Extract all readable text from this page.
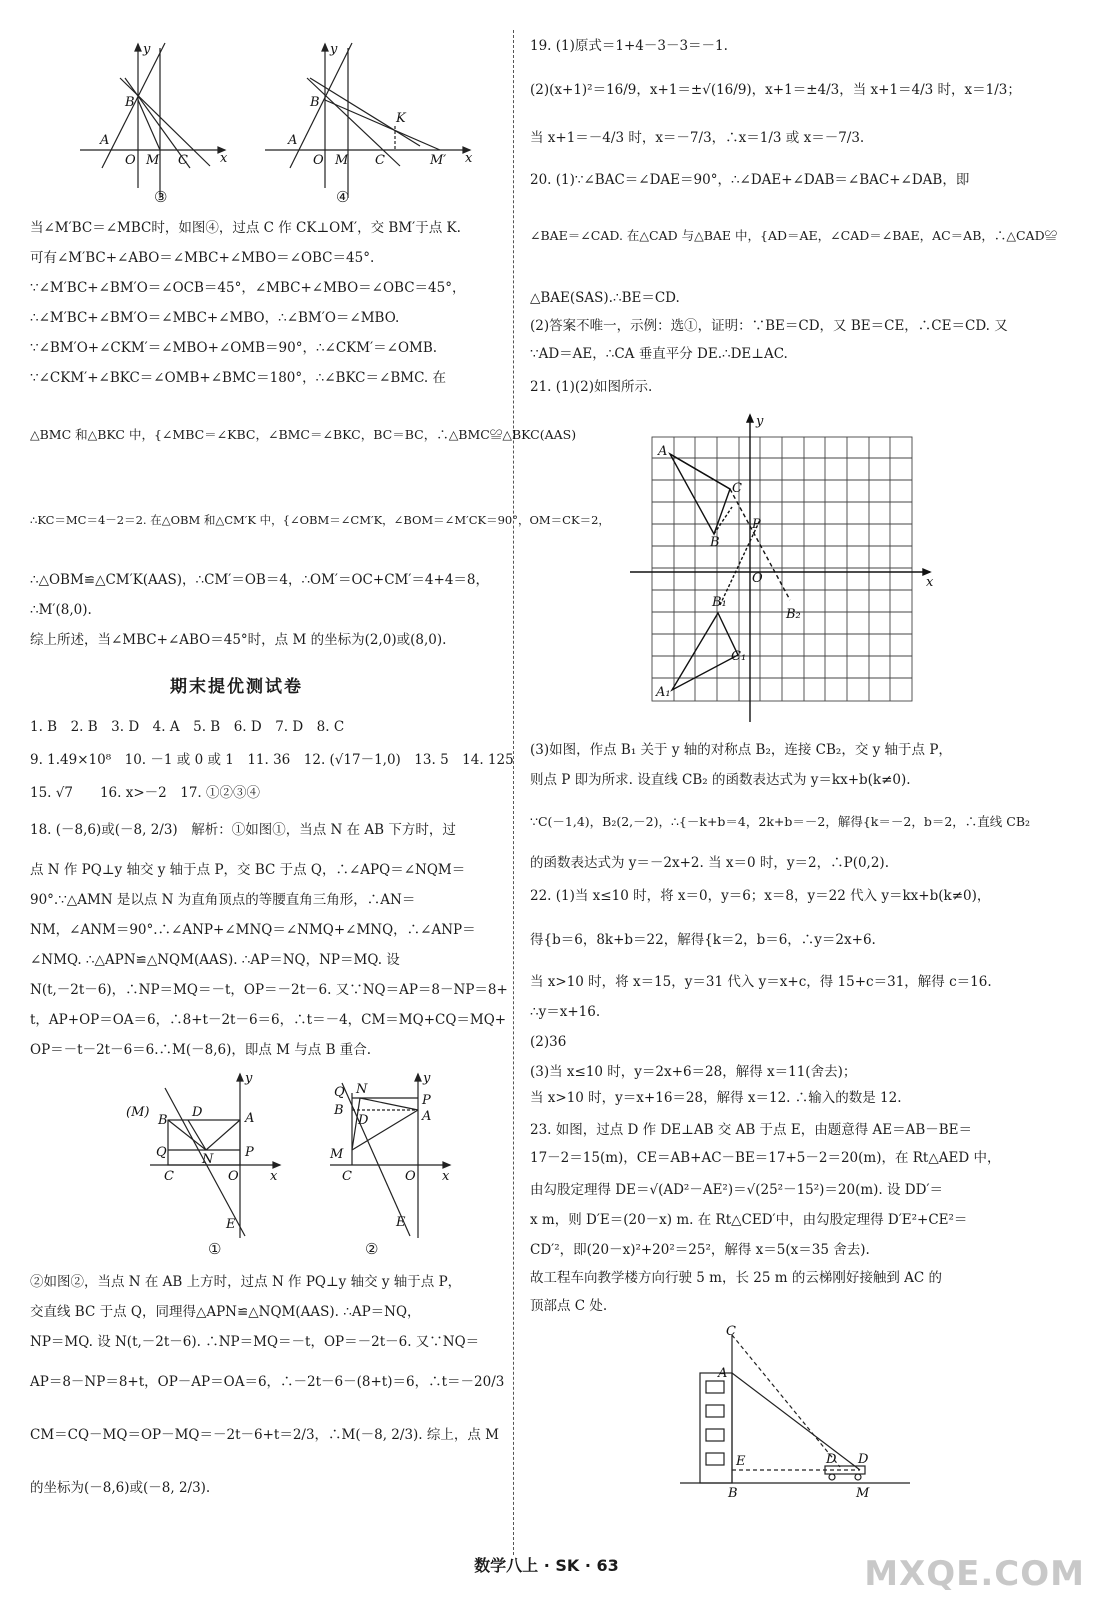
y
B
A
O M C x
y
B
A
O M C
K
M′ x
③	④
当∠M′BC＝∠MBC时，如图④，过点 C 作 CK⊥OM′，交 BM′于点 K.
可有∠M′BC+∠ABO＝∠MBC+∠MBO＝∠OBC＝45°.
∵∠M′BC+∠BM′O＝∠OCB＝45°，∠MBC+∠MBO＝∠OBC＝45°，
∴∠M′BC+∠BM′O＝∠MBC+∠MBO，∴∠BM′O＝∠MBO.
∵∠BM′O+∠CKM′＝∠MBO+∠OMB＝90°，∴∠CKM′＝∠OMB.
∵∠CKM′+∠BKC＝∠OMB+∠BMC＝180°，∴∠BKC＝∠BMC. 在
△BMC 和△BKC 中，{∠MBC＝∠KBC，∠BMC＝∠BKC，BC＝BC，∴△BMC≌△BKC(AAS)
∴KC＝MC＝4－2＝2. 在△OBM 和△CM′K 中，{∠OBM＝∠CM′K，∠BOM＝∠M′CK＝90°，OM＝CK＝2，
∴△OBM≌△CM′K(AAS)，∴CM′＝OB＝4，∴OM′＝OC+CM′＝4+4＝8，
∴M′(8,0).
综上所述，当∠MBC+∠ABO＝45°时，点 M 的坐标为(2,0)或(8,0).
期末提优测试卷
1. B　2. B　3. D　4. A　5. B　6. D　7. D　8. C
9. 1.49×10⁸　10. －1 或 0 或 1　11. 36　12. (√17－1,0)　13. 5　14. 125
15. √7　　16. x>－2　17. ①②③④
18. (－8,6)或(－8, 2/3)　解析：①如图①，当点 N 在 AB 下方时，过
点 N 作 PQ⊥y 轴交 y 轴于点 P，交 BC 于点 Q，∴∠APQ＝∠NQM＝
90°.∵△AMN 是以点 N 为直角顶点的等腰直角三角形，∴AN＝
NM，∠ANM＝90°.∴∠ANP+∠MNQ＝∠NMQ+∠MNQ，∴∠ANP＝
∠NMQ. ∴△APN≌△NQM(AAS). ∴AP＝NQ，NP＝MQ. 设
N(t,－2t－6)，∴NP＝MQ＝－t，OP＝－2t－6. 又∵NQ＝AP＝8－NP＝8+
t，AP+OP＝OA＝6，∴8+t－2t－6＝6，∴t＝－4，CM＝MQ+CQ＝MQ+
OP＝－t－2t－6＝6.∴M(－8,6)，即点 M 与点 B 重合.
(M)
B
D	A
Q	N P
C	O x
E
y
Q N
B
D
P
A
M
C	O x
E
y
①	②
②如图②，当点 N 在 AB 上方时，过点 N 作 PQ⊥y 轴交 y 轴于点 P，
交直线 BC 于点 Q，同理得△APN≌△NQM(AAS). ∴AP＝NQ，
NP＝MQ. 设 N(t,－2t－6). ∴NP＝MQ＝－t，OP＝－2t－6. 又∵NQ＝
AP＝8－NP＝8+t，OP－AP＝OA＝6，∴－2t－6－(8+t)＝6，∴t＝－20/3
CM＝CQ－MQ＝OP－MQ＝－2t－6+t＝2/3，∴M(－8, 2/3). 综上，点 M
的坐标为(－8,6)或(－8, 2/3).
19. (1)原式＝1+4－3－3＝－1.
(2)(x+1)²＝16/9，x+1＝±√(16/9)，x+1＝±4/3，当 x+1＝4/3 时，x＝1/3；
当 x+1＝－4/3 时，x＝－7/3，∴x＝1/3 或 x＝－7/3.
20. (1)∵∠BAC＝∠DAE＝90°，∴∠DAE+∠DAB＝∠BAC+∠DAB，即
∠BAE＝∠CAD. 在△CAD 与△BAE 中，{AD＝AE，∠CAD＝∠BAE，AC＝AB，∴△CAD≌
△BAE(SAS).∴BE＝CD.
(2)答案不唯一，示例：选①，证明：∵BE＝CD，又 BE＝CE，∴CE＝CD. 又
∵AD＝AE，∴CA 垂直平分 DE.∴DE⊥AC.
21. (1)(2)如图所示.
y
x
A
C
P
B
O
B₁
B₂
C₁
A₁
(3)如图，作点 B₁ 关于 y 轴的对称点 B₂，连接 CB₂，交 y 轴于点 P，
则点 P 即为所求. 设直线 CB₂ 的函数表达式为 y＝kx+b(k≠0).
∵C(－1,4)，B₂(2,－2)，∴{－k+b＝4，2k+b＝－2，解得{k＝－2，b＝2，∴直线 CB₂
的函数表达式为 y＝－2x+2. 当 x＝0 时，y＝2，∴P(0,2).
22. (1)当 x≤10 时，将 x＝0，y＝6；x＝8，y＝22 代入 y＝kx+b(k≠0)，
得{b＝6，8k+b＝22，解得{k＝2，b＝6，∴y＝2x+6.
当 x>10 时，将 x＝15，y＝31 代入 y＝x+c，得 15+c＝31，解得 c＝16.
∴y＝x+16.
(2)36
(3)当 x≤10 时，y＝2x+6＝28，解得 x＝11(舍去)；
当 x>10 时，y＝x+16＝28，解得 x＝12. ∴输入的数是 12.
23. 如图，过点 D 作 DE⊥AB 交 AB 于点 E，由题意得 AE＝AB－BE＝
17－2＝15(m)，CE＝AB+AC－BE＝17+5－2＝20(m)，在 Rt△AED 中，
由勾股定理得 DE＝√(AD²－AE²)＝√(25²－15²)＝20(m). 设 DD′＝
x m，则 D′E＝(20－x) m. 在 Rt△CED′中，由勾股定理得 D′E²+CE²＝
CD′²，即(20－x)²+20²＝25²，解得 x＝5(x＝35 舍去).
故工程车向教学楼方向行驶 5 m，长 25 m 的云梯刚好接触到 AC 的
顶部点 C 处.
C
A
E	D D
B	M
数学八上 · SK · 63	MXQE.COM
